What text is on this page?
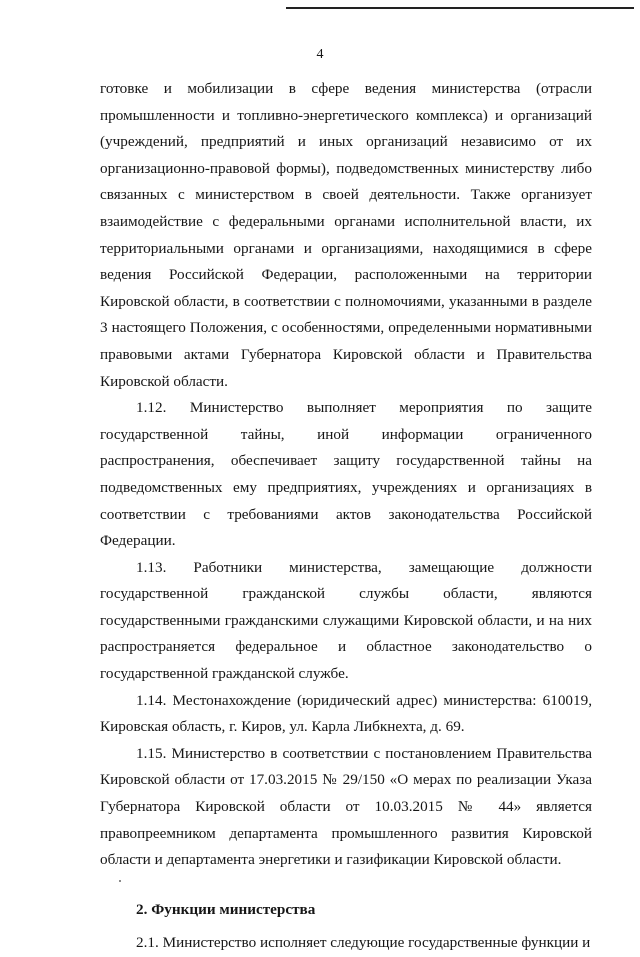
4

готовке и мобилизации в сфере ведения министерства (отрасли промышленности и топливно-энергетического комплекса) и организаций (учреждений, предприятий и иных организаций независимо от их организационно-правовой формы), подведомственных министерству либо связанных с министерством в своей деятельности. Также организует взаимодействие с федеральными органами исполнительной власти, их территориальными органами и организациями, находящимися в сфере ведения Российской Федерации, расположенными на территории Кировской области, в соответствии с полномочиями, указанными в разделе 3 настоящего Положения, с особенностями, определенными нормативными правовыми актами Губернатора Кировской области и Правительства Кировской области.

1.12. Министерство выполняет мероприятия по защите государственной тайны, иной информации ограниченного распространения, обеспечивает защиту государственной тайны на подведомственных ему предприятиях, учреждениях и организациях в соответствии с требованиями актов законодательства Российской Федерации.

1.13. Работники министерства, замещающие должности государственной гражданской службы области, являются государственными гражданскими служащими Кировской области, и на них распространяется федеральное и областное законодательство о государственной гражданской службе.

1.14. Местонахождение (юридический адрес) министерства: 610019, Кировская область, г. Киров, ул. Карла Либкнехта, д. 69.

1.15. Министерство в соответствии с постановлением Правительства Кировской области от 17.03.2015 № 29/150 «О мерах по реализации Указа Губернатора Кировской области от 10.03.2015 № 44» является правопреемником департамента промышленного развития Кировской области и департамента энергетики и газификации Кировской области.

2. Функции министерства

2.1. Министерство исполняет следующие государственные функции и
